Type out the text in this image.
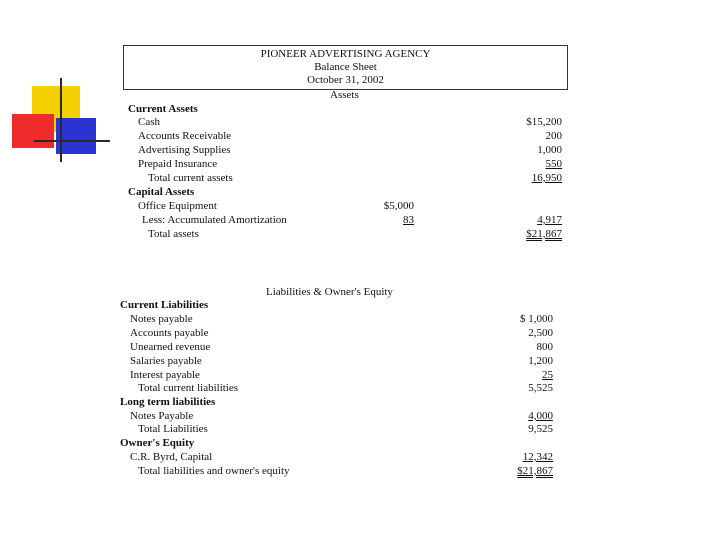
PIONEER ADVERTISING AGENCY
Balance Sheet
October 31, 2002
Assets
Current Assets
Cash	$15,200
Accounts Receivable	200
Advertising Supplies	1,000
Prepaid Insurance	550
Total current assets	16,950
Capital Assets
Office Equipment	$5,000
Less: Accumulated Amortization	83	4,917
Total assets	$21,867
Liabilities & Owner's Equity
Current Liabilities
Notes payable	$ 1,000
Accounts payable	2,500
Unearned revenue	800
Salaries payable	1,200
Interest payable	25
Total current liabilities	5,525
Long term liabilities
Notes Payable	4,000
Total Liabilities	9,525
Owner's Equity
C.R. Byrd, Capital	12,342
Total liabilities and owner's equity	$21,867
